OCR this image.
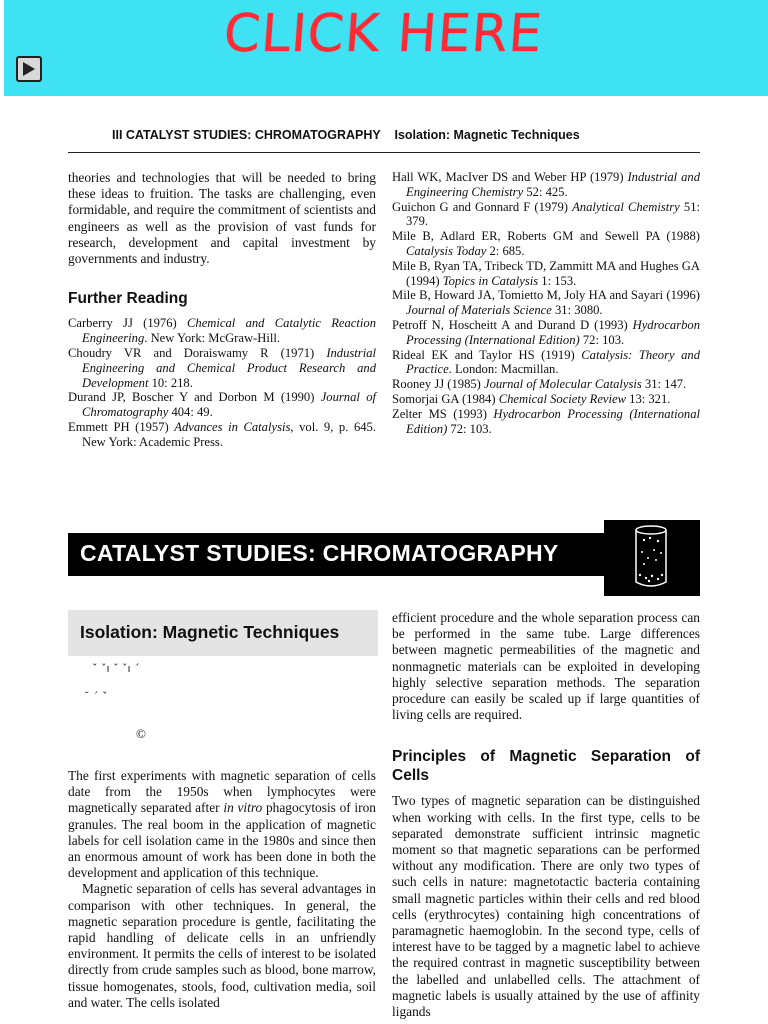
CLICK HERE
III CATALYST STUDIES: CHROMATOGRAPHY Isolation: Magnetic Techniques

theories and technologies that will be needed to bring these ideas to fruition. The tasks are challenging, even formidable, and require the commitment of scientists and engineers as well as the provision of vast funds for research, development and capital investment by governments and industry.

Further Reading

Carberry JJ (1976) Chemical and Catalytic Reaction Engineering. New York: McGraw-Hill.

Choudry VR and Doraiswamy R (1971) Industrial Engineering and Chemical Product Research and Development 10: 218.

Durand JP, Boscher Y and Dorbon M (1990) Journal of Chromatography 404: 49.

Emmett PH (1957) Advances in Catalysis, vol. 9, p. 645. New York: Academic Press.

Hall WK, MacIver DS and Weber HP (1979) Industrial and Engineering Chemistry 52: 425.

Guichon G and Gonnard F (1979) Analytical Chemistry 51: 379.

Mile B, Adlard ER, Roberts GM and Sewell PA (1988) Catalysis Today 2: 685.

Mile B, Ryan TA, Tribeck TD, Zammitt MA and Hughes GA (1994) Topics in Catalysis 1: 153.

Mile B, Howard JA, Tomietto M, Joly HA and Sayari (1996) Journal of Materials Science 31: 3080.

Petroff N, Hoscheitt A and Durand D (1993) Hydrocarbon Processing (International Edition) 72: 103.

Rideal EK and Taylor HS (1919) Catalysis: Theory and Practice. London: Macmillan.

Rooney JJ (1985) Journal of Molecular Catalysis 31: 147.

Somorjai GA (1984) Chemical Society Review 13: 321.

Zelter MS (1993) Hydrocarbon Processing (International Edition) 72: 103.

CATALYST STUDIES: CHROMATOGRAPHY
Isolation: Magnetic Techniques
ˇ ˇı ˇ ˇı ´
˘ ´ ˇ
©

The first experiments with magnetic separation of cells date from the 1950s when lymphocytes were magnetically separated after in vitro phagocytosis of iron granules. The real boom in the application of magnetic labels for cell isolation came in the 1980s and since then an enormous amount of work has been done in both the development and application of this technique.

Magnetic separation of cells has several advantages in comparison with other techniques. In general, the magnetic separation procedure is gentle, facilitating the rapid handling of delicate cells in an unfriendly environment. It permits the cells of interest to be isolated directly from crude samples such as blood, bone marrow, tissue homogenates, stools, food, cultivation media, soil and water. The cells isolated

efficient procedure and the whole separation process can be performed in the same tube. Large differences between magnetic permeabilities of the magnetic and nonmagnetic materials can be exploited in developing highly selective separation methods. The separation procedure can easily be scaled up if large quantities of living cells are required.

Principles of Magnetic Separation of Cells

Two types of magnetic separation can be distinguished when working with cells. In the first type, cells to be separated demonstrate sufficient intrinsic magnetic moment so that magnetic separations can be performed without any modification. There are only two types of such cells in nature: magnetotactic bacteria containing small magnetic particles within their cells and red blood cells (erythrocytes) containing high concentrations of paramagnetic haemoglobin. In the second type, cells of interest have to be tagged by a magnetic label to achieve the required contrast in magnetic susceptibility between the labelled and unlabelled cells. The attachment of magnetic labels is usually attained by the use of affinity ligands
